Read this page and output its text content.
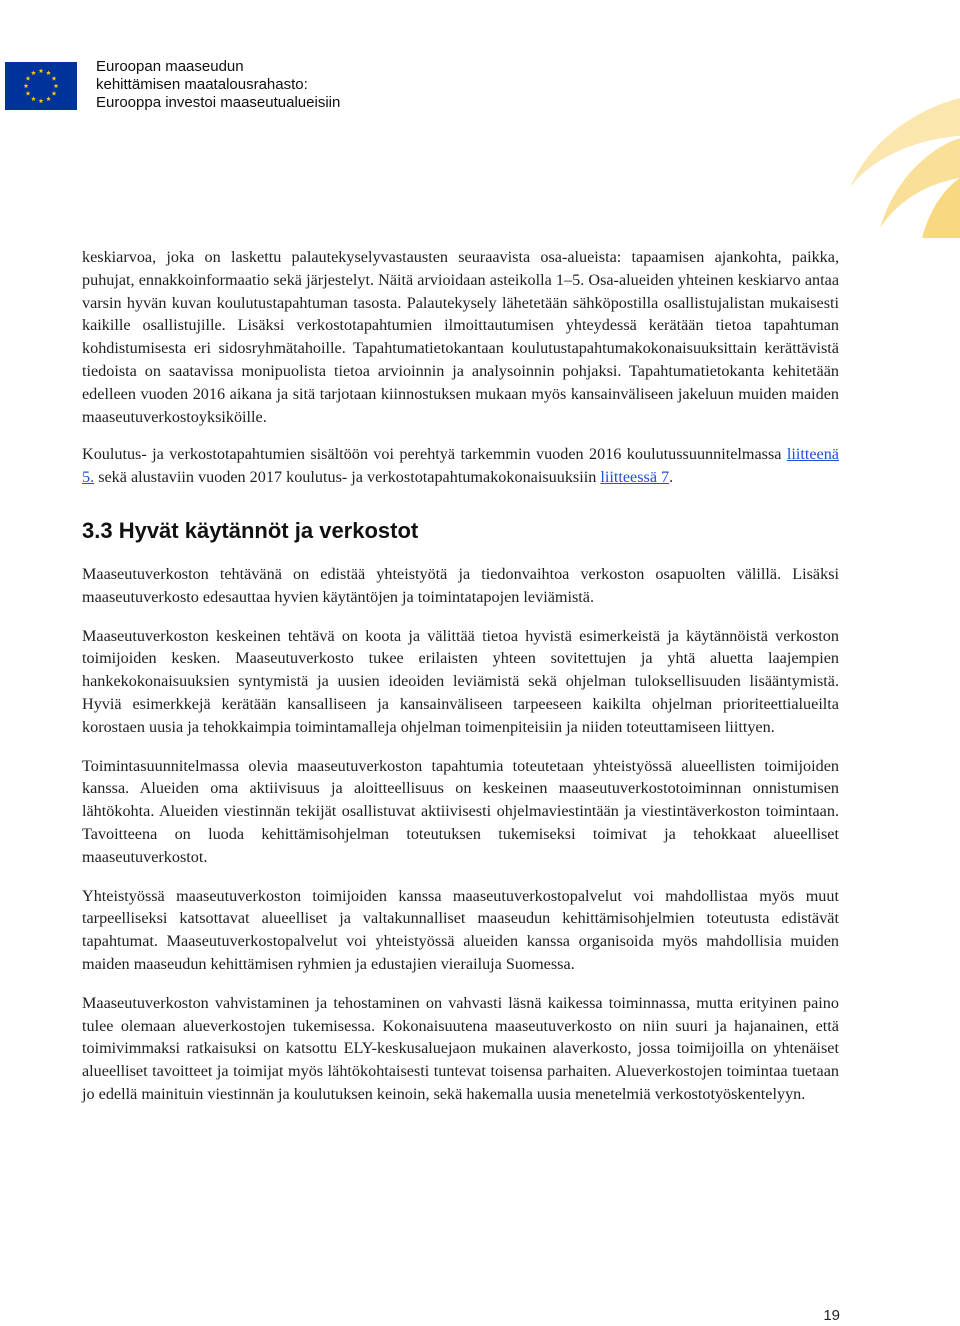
Euroopan maaseudun
kehittämisen maatalousrahasto:
Eurooppa investoi maaseutualueisiin

keskiarvoa, joka on laskettu palautekyselyvastausten seuraavista osa-alueista: tapaamisen ajankohta, paikka, puhujat, ennakkoinformaatio sekä järjestelyt. Näitä arvioidaan asteikolla 1–5. Osa-alueiden yhteinen keskiarvo antaa varsin hyvän kuvan koulutustapahtuman tasosta. Palautekysely lähetetään sähköpostilla osallistujalistan mukaisesti kaikille osallistujille. Lisäksi verkostotapahtumien ilmoittautumisen yhteydessä kerätään tietoa tapahtuman kohdistumisesta eri sidosryhmätahoille. Tapahtumatietokantaan koulutustapahtumakokonaisuuksittain kerättävistä tiedoista on saatavissa monipuolista tietoa arvioinnin ja analysoinnin pohjaksi. Tapahtumatietokanta kehitetään edelleen vuoden 2016 aikana ja sitä tarjotaan kiinnostuksen mukaan myös kansainväliseen jakeluun muiden maiden maaseutuverkostoyksiköille.

Koulutus- ja verkostotapahtumien sisältöön voi perehtyä tarkemmin vuoden 2016 koulutussuunnitelmassa liitteenä 5. sekä alustaviin vuoden 2017 koulutus- ja verkostotapahtumakokonaisuuksiin liitteessä 7.

3.3 Hyvät käytännöt ja verkostot

Maaseutuverkoston tehtävänä on edistää yhteistyötä ja tiedonvaihtoa verkoston osapuolten välillä. Lisäksi maaseutuverkosto edesauttaa hyvien käytäntöjen ja toimintatapojen leviämistä.

Maaseutuverkoston keskeinen tehtävä on koota ja välittää tietoa hyvistä esimerkeistä ja käytännöistä verkoston toimijoiden kesken. Maaseutuverkosto tukee erilaisten yhteen sovitettujen ja yhtä aluetta laajempien hankekokonaisuuksien syntymistä ja uusien ideoiden leviämistä sekä ohjelman tuloksellisuuden lisääntymistä. Hyviä esimerkkejä kerätään kansalliseen ja kansainväliseen tarpeeseen kaikilta ohjelman prioriteettialueilta korostaen uusia ja tehokkaimpia toimintamalleja ohjelman toimenpiteisiin ja niiden toteuttamiseen liittyen.

Toimintasuunnitelmassa olevia maaseutuverkoston tapahtumia toteutetaan yhteistyössä alueellisten toimijoiden kanssa. Alueiden oma aktiivisuus ja aloitteellisuus on keskeinen maaseutuverkostotoiminnan onnistumisen lähtökohta. Alueiden viestinnän tekijät osallistuvat aktiivisesti ohjelmaviestintään ja viestintäverkoston toimintaan. Tavoitteena on luoda kehittämisohjelman toteutuksen tukemiseksi toimivat ja tehokkaat alueelliset maaseutuverkostot.

Yhteistyössä maaseutuverkoston toimijoiden kanssa maaseutuverkostopalvelut voi mahdollistaa myös muut tarpeelliseksi katsottavat alueelliset ja valtakunnalliset maaseudun kehittämisohjelmien toteutusta edistävät tapahtumat. Maaseutuverkostopalvelut voi yhteistyössä alueiden kanssa organisoida myös mahdollisia muiden maiden maaseudun kehittämisen ryhmien ja edustajien vierailuja Suomessa.

Maaseutuverkoston vahvistaminen ja tehostaminen on vahvasti läsnä kaikessa toiminnassa, mutta erityinen paino tulee olemaan alueverkostojen tukemisessa. Kokonaisuutena maaseutuverkosto on niin suuri ja hajanainen, että toimivimmaksi ratkaisuksi on katsottu ELY-keskusaluejaon mukainen alaverkosto, jossa toimijoilla on yhtenäiset alueelliset tavoitteet ja toimijat myös lähtökohtaisesti tuntevat toisensa parhaiten. Alueverkostojen toimintaa tuetaan jo edellä mainituin viestinnän ja koulutuksen keinoin, sekä hakemalla uusia menetelmiä verkostotyöskentelyyn.

19
